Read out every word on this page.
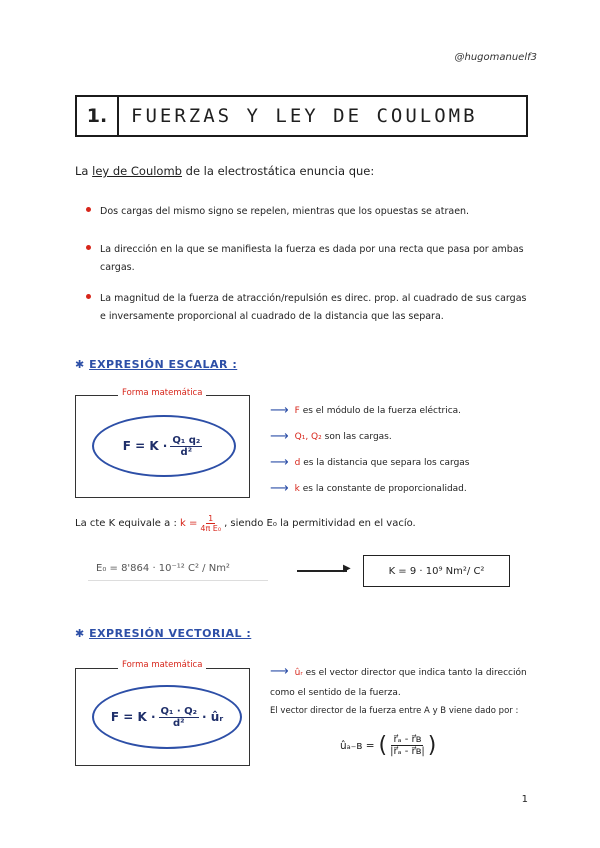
@hugomanuelf3
1.	FUERZAS Y LEY DE COULOMB
La ley de Coulomb de la electrostática enuncia que:
Dos cargas del mismo signo se repelen, mientras que los opuestas se atraen.
La dirección en la que se manifiesta la fuerza es dada por una recta que pasa por ambas cargas.
La magnitud de la fuerza de atracción/repulsión es direc. prop. al cuadrado de sus cargas e inversamente proporcional al cuadrado de la distancia que las separa.
✱ EXPRESIÓN ESCALAR :
Forma matemática
$F = K \cdot \frac{\text{Q₁ q₂}}{\text{d²}}$
⟶ F
es el módulo de la fuerza eléctrica.
⟶ Q₁, Q₂
son las cargas.
⟶ d
es la distancia que separa los cargas
⟶ k
es la constante de proporcionalidad.
La cte K equivale a :
$k = \frac{1}{\text{4π E₀}}$ , siendo E₀ la permitividad en el vacío.
E₀ = 8'864 · 10⁻¹² C² / Nm²	▶	K = 9 · 10⁹ Nm²/ C²
✱ EXPRESIÓN VECTORIAL :
Forma matemática
$F = K \cdot \frac{\text{Q₁ · Q₂}}{\text{d²}}$ · ûᵣ
⟶ ûᵣ es el vector director que indica tanto la dirección como el sentido de la fuerza.
El vector director de la fuerza entre A y B viene dado por :
ûₐ₋ʙ = ( $\frac{\text{r⃗ₐ - r⃗ʙ}}{\text{|r⃗ₐ - r⃗ʙ|}}$ )
1
